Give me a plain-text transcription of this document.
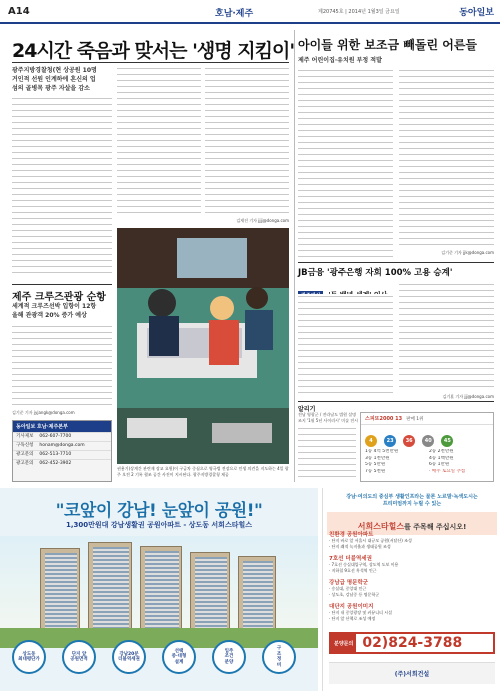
A14	호남·제주	제20745호 | 2014년 1월3일 금요일	동아일보
24시간 죽음과 맞서는 '생명 지킴이'
광주지방경찰청(현 상공원 10명
거인적 선원 인계하에 혼신의 업
섬의 골병목 광주 자살을 감소
김재진 기자 jjjj@donga.com
제주 크루즈관광 순항
세계적 크루즈선박 입항이 12항
올해 관광객 20% 증가 예상
김기준 기자 jyjangk@donga.com
동아일보 호남·제주본부
기사제보	062-607-7700
구독신청	honam@donga.com
광고문의	062-513-7710
광고문의	062-452-3902
권용기(상계간 관련재 장교 요원)이 구급차 중심으로 영국법 전장으로 인생 의견을 지도하는 4일 광주 오전 2 기록 협조 공간 사진이 지시된다. 광주지방경찰청 제공
아이들 위한 보조금 빼돌린 어른들
제주 어린이집·유치원 부정 적발
김기준 기자 jjk@donga.com
JB금융 '광주은행 자회 100% 고용 승계'
김기훈 기자 jjj@donga.com
알리기
전남 영광군 / 전라남도 법원 설명
조지 '1월 5년 사이러시' 미술 전시	스피또2000 13 판매 1위
4	23 36 40 45
1등 4억 5천만원	2등 2천만원
3등 1천만원	4등 1백만원
5등 5만원	6등 1만원
7등 5천원	· 매주 토요일 추첨
"코앞이 강남! 눈앞이 공원!"
1,300만원대 강남생활권 공원아파트 - 상도동 서희스타힐스
상도동
최대평단가
단지 앞
공원면적
강남20분
더블역세권
선택
중·대형
설계
입주
조건
분양
구
조
정
비
강남·여의도의 중심부 생활인프라는 물론 노르말·녹색도시는
프리미엄까지 누릴 수 있는
서희스타힐스를 주목해 주십시오!
친환경 공원아파트
· 단지 바로 앞 서울시 대규모 공원(서달산) 조성
· 단지 쾌적 녹지율과 생태공원 조성
7호선 더블역세권
· 7호선 숭실대입구역, 상도역 도보 이용
· 지하철 9호선 흑석역 인근
강남급 명문학군
· 숭실대, 중앙대 인근
· 상도초, 강남중 등 명문학군
대단지 공원이미지
· 단지 내 중앙광장 및 커뮤니티 시설
· 단지 앞 산책로 조성 예정
분양문의 02)824-3788
(주)서희건설
